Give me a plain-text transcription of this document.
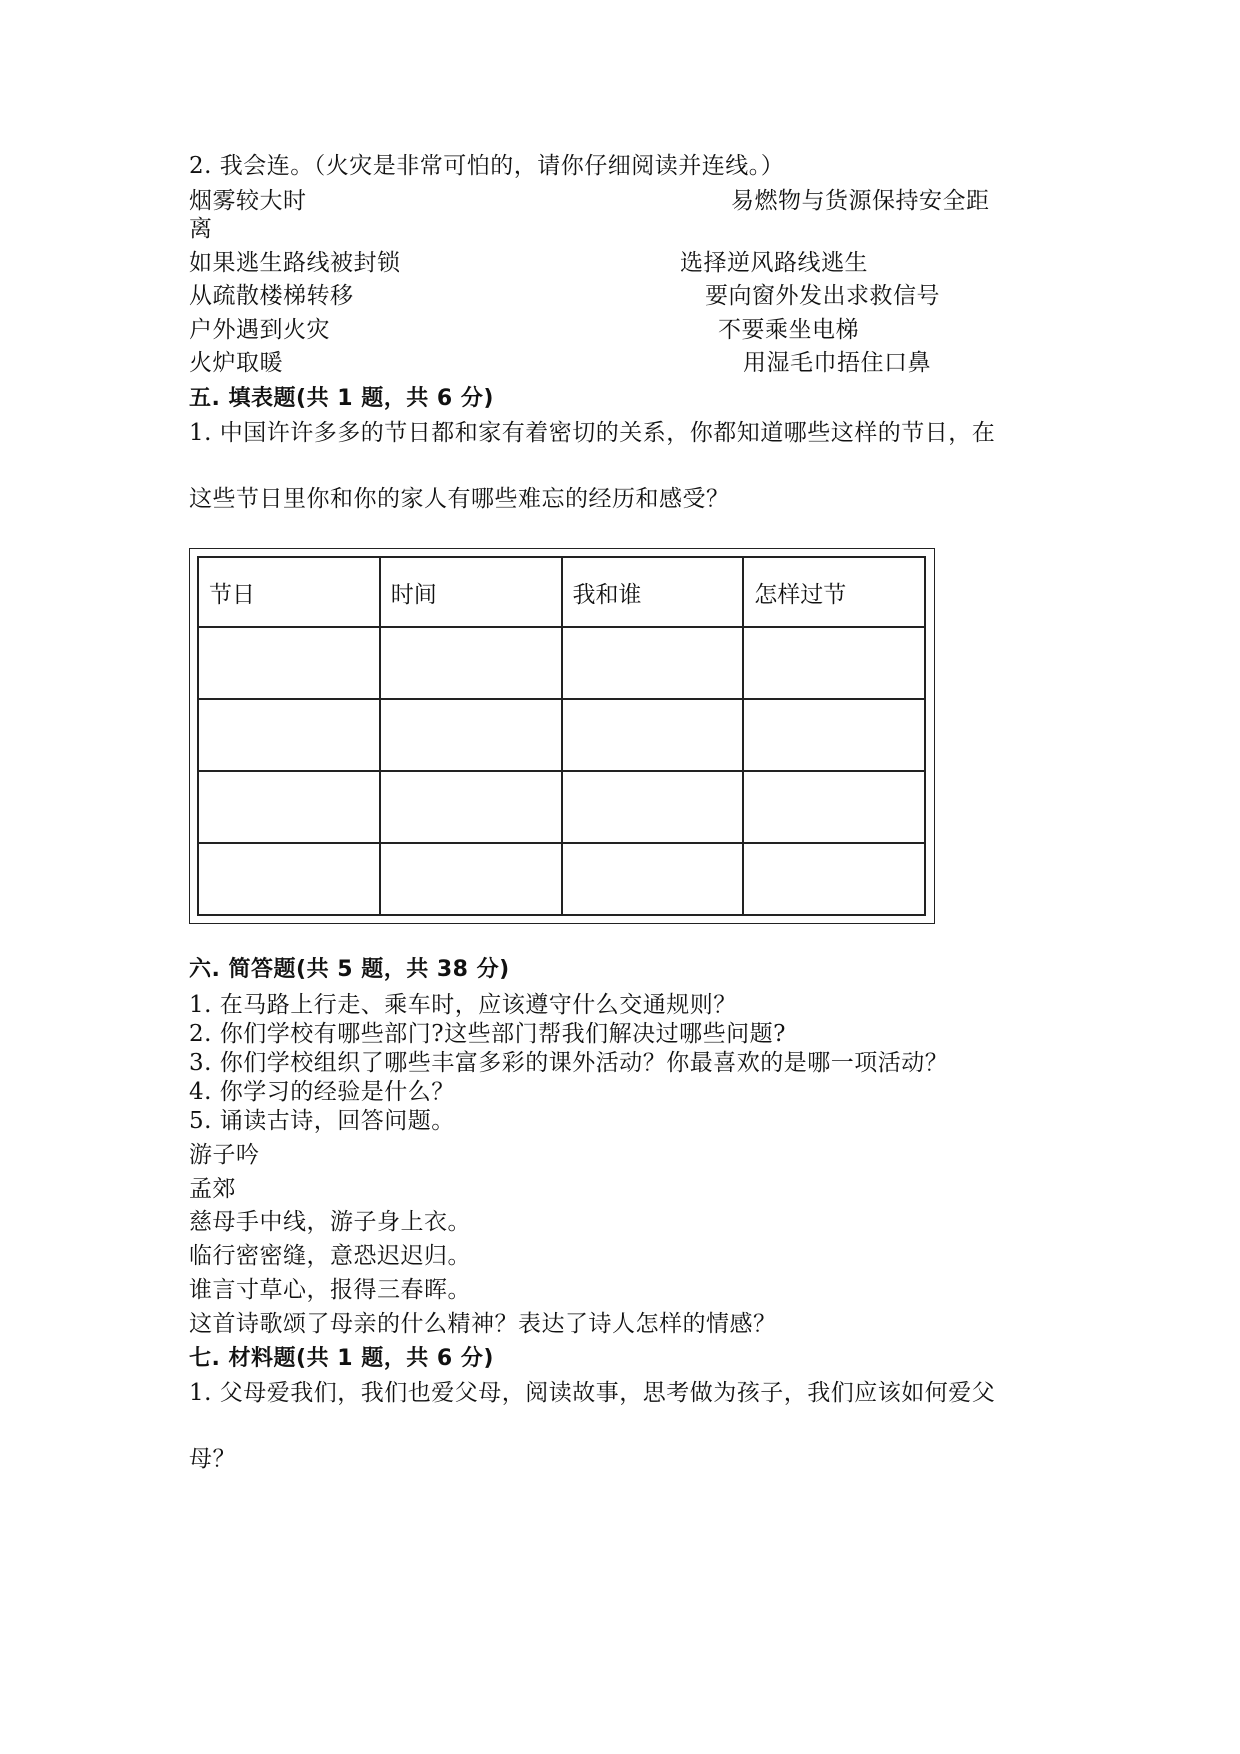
2. 我会连。（火灾是非常可怕的，请你仔细阅读并连线。）
烟雾较大时	易燃物与货源保持安全距
离
如果逃生路线被封锁	选择逆风路线逃生
从疏散楼梯转移	要向窗外发出求救信号
户外遇到火灾	不要乘坐电梯
火炉取暖	用湿毛巾捂住口鼻
五. 填表题(共 1 题，共 6 分)
1. 中国许许多多的节日都和家有着密切的关系，你都知道哪些这样的节日，在
这些节日里你和你的家人有哪些难忘的经历和感受？
节日	时间	我和谁	怎样过节

六. 简答题(共 5 题，共 38 分)
1. 在马路上行走、乘车时，应该遵守什么交通规则？
2. 你们学校有哪些部门?这些部门帮我们解决过哪些问题?
3. 你们学校组织了哪些丰富多彩的课外活动？你最喜欢的是哪一项活动？
4. 你学习的经验是什么？
5. 诵读古诗，回答问题。
游子吟
孟郊
慈母手中线，游子身上衣。
临行密密缝，意恐迟迟归。
谁言寸草心，报得三春晖。
这首诗歌颂了母亲的什么精神？表达了诗人怎样的情感？
七. 材料题(共 1 题，共 6 分)
1. 父母爱我们，我们也爱父母，阅读故事，思考做为孩子，我们应该如何爱父
母？
